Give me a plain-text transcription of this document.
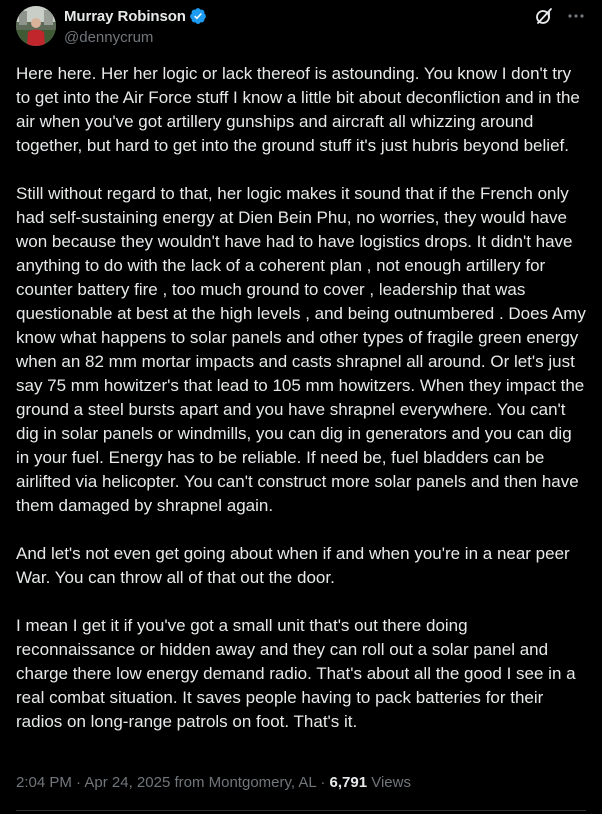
Murray Robinson
@dennycrum

Here here. Her her logic or lack thereof is astounding. You know I don't try to get into the Air Force stuff I know a little bit about deconfliction and in the air when you've got artillery gunships and aircraft all whizzing around together, but hard to get into the ground stuff it's just hubris beyond belief.

Still without regard to that, her logic makes it sound that if the French only had self-sustaining energy at Dien Bein Phu, no worries, they would have won because they wouldn't have had to have logistics drops. It didn't have anything to do with the lack of a coherent plan , not enough artillery for counter battery fire , too much ground to cover , leadership that was questionable at best at the high levels , and being outnumbered . Does Amy know what happens to solar panels and other types of fragile green energy when an 82 mm mortar impacts and casts shrapnel all around. Or let's just say 75 mm howitzer's that lead to 105 mm howitzers. When they impact the ground a steel bursts apart and you have shrapnel everywhere. You can't dig in solar panels or windmills, you can dig in generators and you can dig in your fuel. Energy has to be reliable. If need be, fuel bladders can be airlifted via helicopter. You can't construct more solar panels and then have them damaged by shrapnel again.

And let's not even get going about when if and when you're in a near peer War. You can throw all of that out the door.

I mean I get it if you've got a small unit that's out there doing reconnaissance or hidden away and they can roll out a solar panel and charge there low energy demand radio. That's about all the good I see in a real combat situation. It saves people having to pack batteries for their radios on long-range patrols on foot. That's it.

2:04 PM · Apr 24, 2025 from Montgomery, AL · 6,791 Views
